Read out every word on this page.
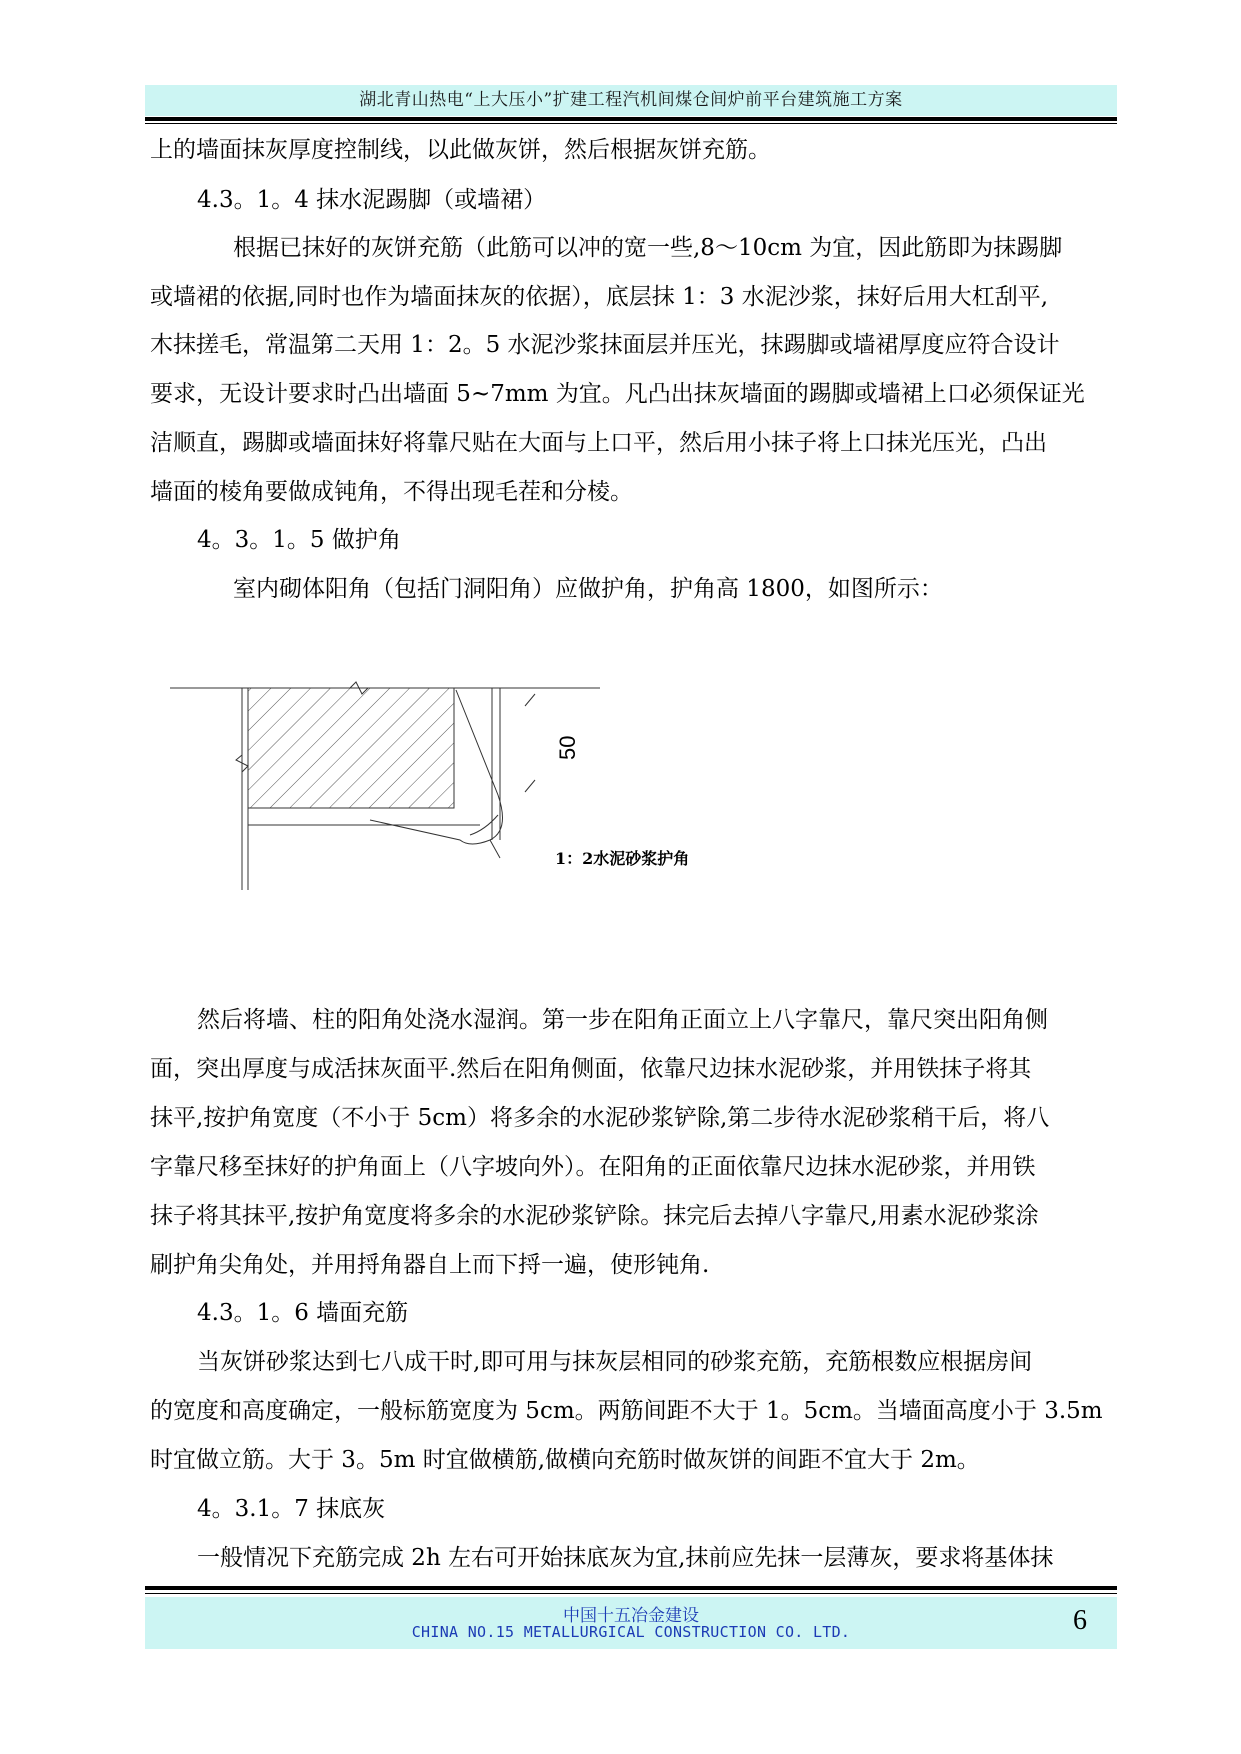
湖北青山热电“上大压小”扩建工程汽机间煤仓间炉前平台建筑施工方案
上的墙面抹灰厚度控制线，以此做灰饼，然后根据灰饼充筋。
4.3。1。4 抹水泥踢脚（或墙裙）
根据已抹好的灰饼充筋（此筋可以冲的宽一些,8～10cm 为宜，因此筋即为抹踢脚
或墙裙的依据,同时也作为墙面抹灰的依据），底层抹 1：3 水泥沙浆，抹好后用大杠刮平,
木抹搓毛，常温第二天用 1：2。5 水泥沙浆抹面层并压光，抹踢脚或墙裙厚度应符合设计
要求，无设计要求时凸出墙面 5~7mm 为宜。凡凸出抹灰墙面的踢脚或墙裙上口必须保证光
洁顺直，踢脚或墙面抹好将靠尺贴在大面与上口平，然后用小抹子将上口抹光压光，凸出
墙面的棱角要做成钝角，不得出现毛茬和分棱。
4。3。1。5 做护角
室内砌体阳角（包括门洞阳角）应做护角，护角高 1800，如图所示：
50
1：2水泥砂浆护角
然后将墙、柱的阳角处浇水湿润。第一步在阳角正面立上八字靠尺，靠尺突出阳角侧
面，突出厚度与成活抹灰面平.然后在阳角侧面，依靠尺边抹水泥砂浆，并用铁抹子将其
抹平,按护角宽度（不小于 5cm）将多余的水泥砂浆铲除,第二步待水泥砂浆稍干后，将八
字靠尺移至抹好的护角面上（八字坡向外）。在阳角的正面依靠尺边抹水泥砂浆，并用铁
抹子将其抹平,按护角宽度将多余的水泥砂浆铲除。抹完后去掉八字靠尺,用素水泥砂浆涂
刷护角尖角处，并用捋角器自上而下捋一遍，使形钝角.
4.3。1。6 墙面充筋
当灰饼砂浆达到七八成干时,即可用与抹灰层相同的砂浆充筋，充筋根数应根据房间
的宽度和高度确定，一般标筋宽度为 5cm。两筋间距不大于 1。5cm。当墙面高度小于 3.5m
时宜做立筋。大于 3。5m 时宜做横筋,做横向充筋时做灰饼的间距不宜大于 2m。
4。3.1。7 抹底灰
一般情况下充筋完成 2h 左右可开始抹底灰为宜,抹前应先抹一层薄灰，要求将基体抹
中国十五冶金建设
CHINA NO.15 METALLURGICAL CONSTRUCTION CO. LTD.	6
